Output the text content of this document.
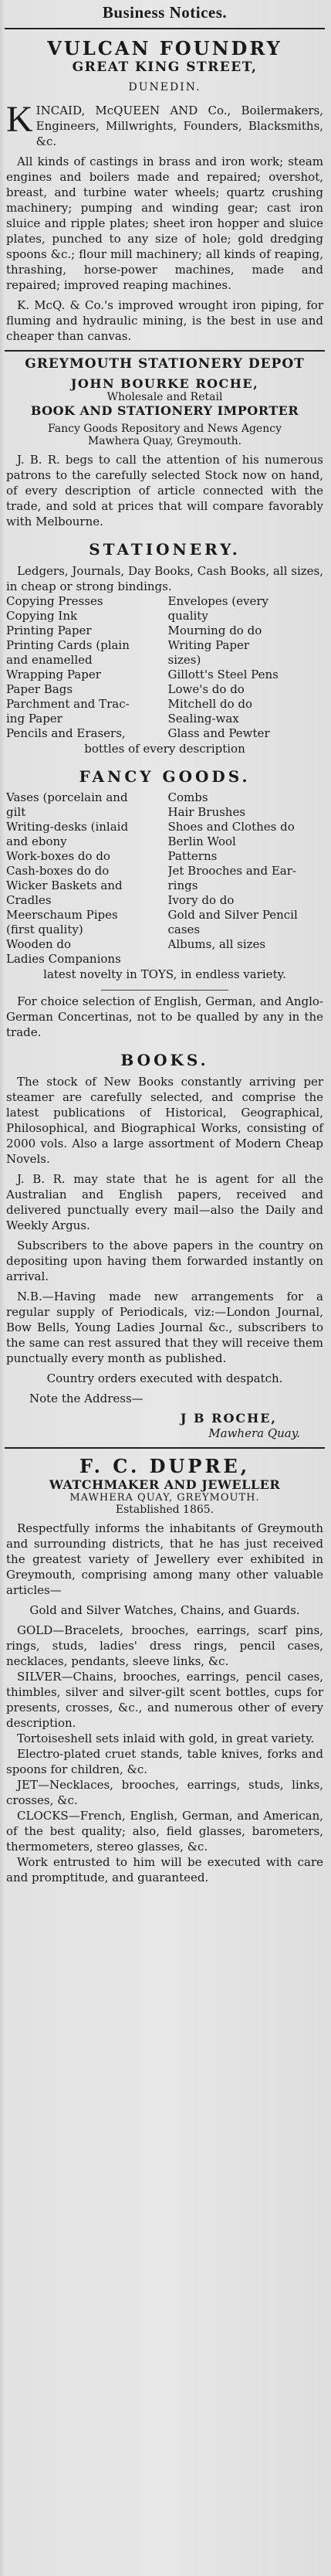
Business Notices.
VULCAN FOUNDRY
GREAT KING STREET,
DUNEDIN.
K INCAID, McQUEEN AND Co., Boilermakers, Engineers, Millwrights, Founders, Blacksmiths, &c.

All kinds of castings in brass and iron work; steam engines and boilers made and repaired; overshot, breast, and turbine water wheels; quartz crushing machinery; pumping and winding gear; cast iron sluice and ripple plates; sheet iron hopper and sluice plates, punched to any size of hole; gold dredging spoons &c.; flour mill machinery; all kinds of reaping, thrashing, horse-power machines, made and repaired; improved reaping machines.

K. McQ. & Co.'s improved wrought iron piping, for fluming and hydraulic mining, is the best in use and cheaper than canvas.

GREYMOUTH STATIONERY DEPOT
JOHN BOURKE ROCHE,
Wholesale and Retail
BOOK AND STATIONERY IMPORTER
Fancy Goods Repository and News Agency
Mawhera Quay, Greymouth.

J. B. R. begs to call the attention of his numerous patrons to the carefully selected Stock now on hand, of every description of article connected with the trade, and sold at prices that will compare favorably with Melbourne.

STATIONERY.

Ledgers, Journals, Day Books, Cash Books, all sizes, in cheap or strong bindings.

Copying Presses	Envelopes (every
Copying Ink	quality
Printing Paper	Mourning do do
Printing Cards (plain	Writing Paper
and enamelled	sizes)
Wrapping Paper	Gillott's Steel Pens
Paper Bags	Lowe's do do
Parchment and Trac-	Mitchell do do
ing Paper	Sealing-wax
Pencils and Erasers,	Glass and Pewter
bottles of every description
FANCY GOODS.
Vases (porcelain and	Combs
gilt	Hair Brushes
Writing-desks (inlaid	Shoes and Clothes do
and ebony	Berlin Wool
Work-boxes do do	Patterns
Cash-boxes do do	Jet Brooches and Ear-
Wicker Baskets and	rings
Cradles	Ivory do do
Meerschaum Pipes	Gold and Silver Pencil
(first quality)	cases
Wooden do	Albums, all sizes
Ladies Companions
latest novelty in TOYS, in endless variety.

For choice selection of English, German, and Anglo-German Concertinas, not to be qualled by any in the trade.

BOOKS.

The stock of New Books constantly arriving per steamer are carefully selected, and comprise the latest publications of Historical, Geographical, Philosophical, and Biographical Works, consisting of 2000 vols. Also a large assortment of Modern Cheap Novels.

J. B. R. may state that he is agent for all the Australian and English papers, received and delivered punctually every mail—also the Daily and Weekly Argus.

Subscribers to the above papers in the country on depositing upon having them forwarded instantly on arrival.

N.B.—Having made new arrangements for a regular supply of Periodicals, viz:—London Journal, Bow Bells, Young Ladies Journal &c., subscribers to the same can rest assured that they will receive them punctually every month as published.

Country orders executed with despatch.
Note the Address—
J B ROCHE,
Mawhera Quay.
F. C. DUPRE,
WATCHMAKER AND JEWELLER
MAWHERA QUAY, GREYMOUTH.
Established 1865.

Respectfully informs the inhabitants of Greymouth and surrounding districts, that he has just received the greatest variety of Jewellery ever exhibited in Greymouth, comprising among many other valuable articles—

Gold and Silver Watches, Chains, and Guards.

GOLD—Bracelets, brooches, earrings, scarf pins, rings, studs, ladies' dress rings, pencil cases, necklaces, pendants, sleeve links, &c.

SILVER—Chains, brooches, earrings, pencil cases, thimbles, silver and silver-gilt scent bottles, cups for presents, crosses, &c., and numerous other of every description.

Tortoiseshell sets inlaid with gold, in great variety.

Electro-plated cruet stands, table knives, forks and spoons for children, &c.

JET—Necklaces, brooches, earrings, studs, links, crosses, &c.

CLOCKS—French, English, German, and American, of the best quality; also, field glasses, barometers, thermometers, stereo glasses, &c.

Work entrusted to him will be executed with care and promptitude, and guaranteed.
